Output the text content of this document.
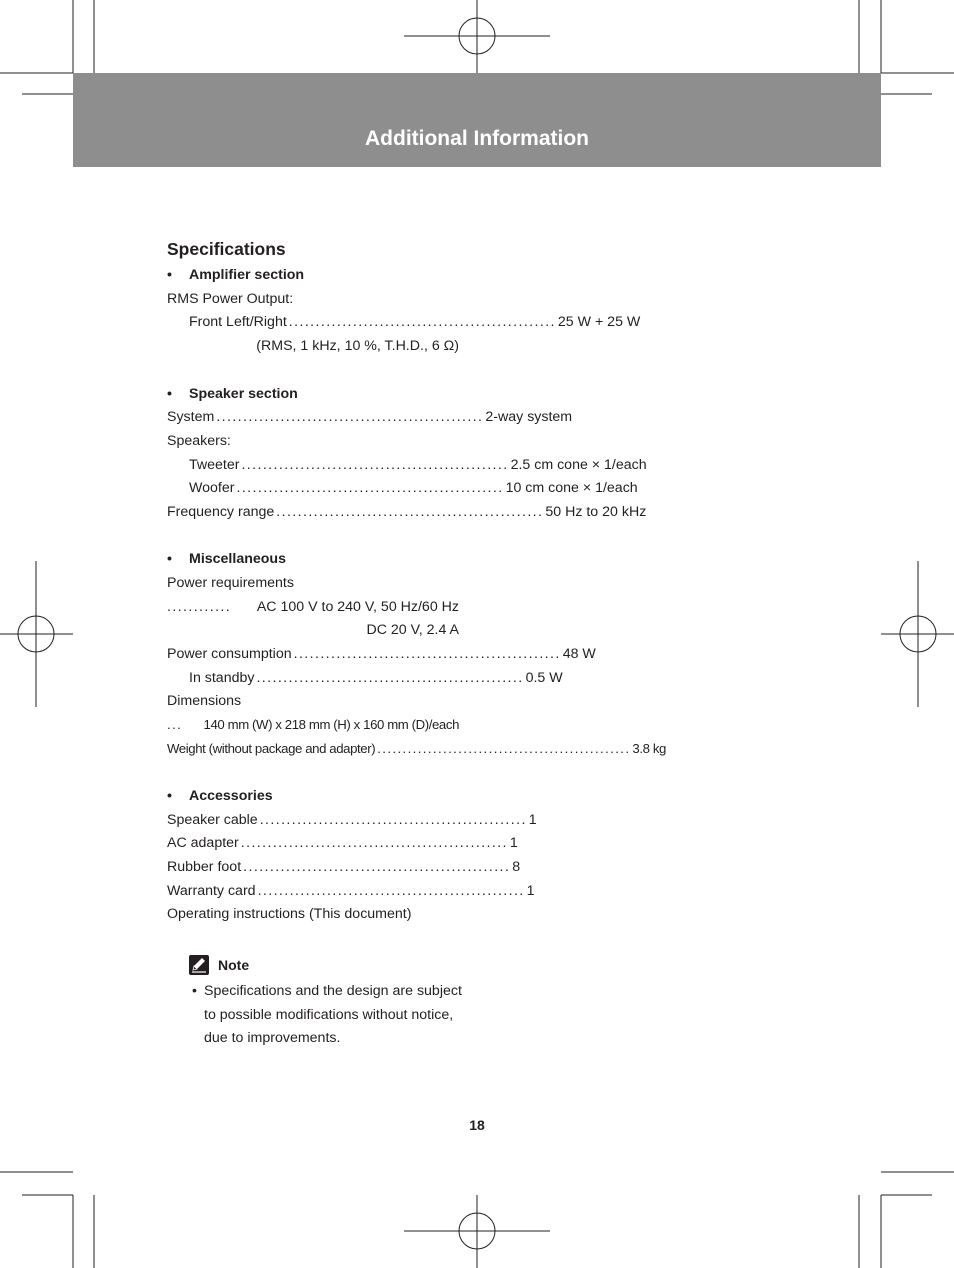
Additional Information
Specifications
• Amplifier section
RMS Power Output:
Front Left/Right .................................................. 25 W + 25 W
(RMS, 1 kHz, 10 %, T.H.D., 6 Ω)
• Speaker section
System .................................................. 2-way system
Speakers:
Tweeter .................................................. 2.5 cm cone × 1/each
Woofer .................................................. 10 cm cone × 1/each
Frequency range .................................................. 50 Hz to 20 kHz
• Miscellaneous
Power requirements
............	AC 100 V to 240 V, 50 Hz/60 Hz
DC 20 V, 2.4 A
Power consumption .................................................. 48 W
In standby .................................................. 0.5 W
Dimensions
...	140 mm (W) x 218 mm (H) x 160 mm (D)/each
Weight (without package and adapter) .................................................. 3.8 kg
• Accessories
Speaker cable .................................................. 1
AC adapter .................................................. 1
Rubber foot .................................................. 8
Warranty card .................................................. 1
Operating instructions (This document)
Note
• Specifications and the design are subject to possible modifications without notice, due to improvements.
18
